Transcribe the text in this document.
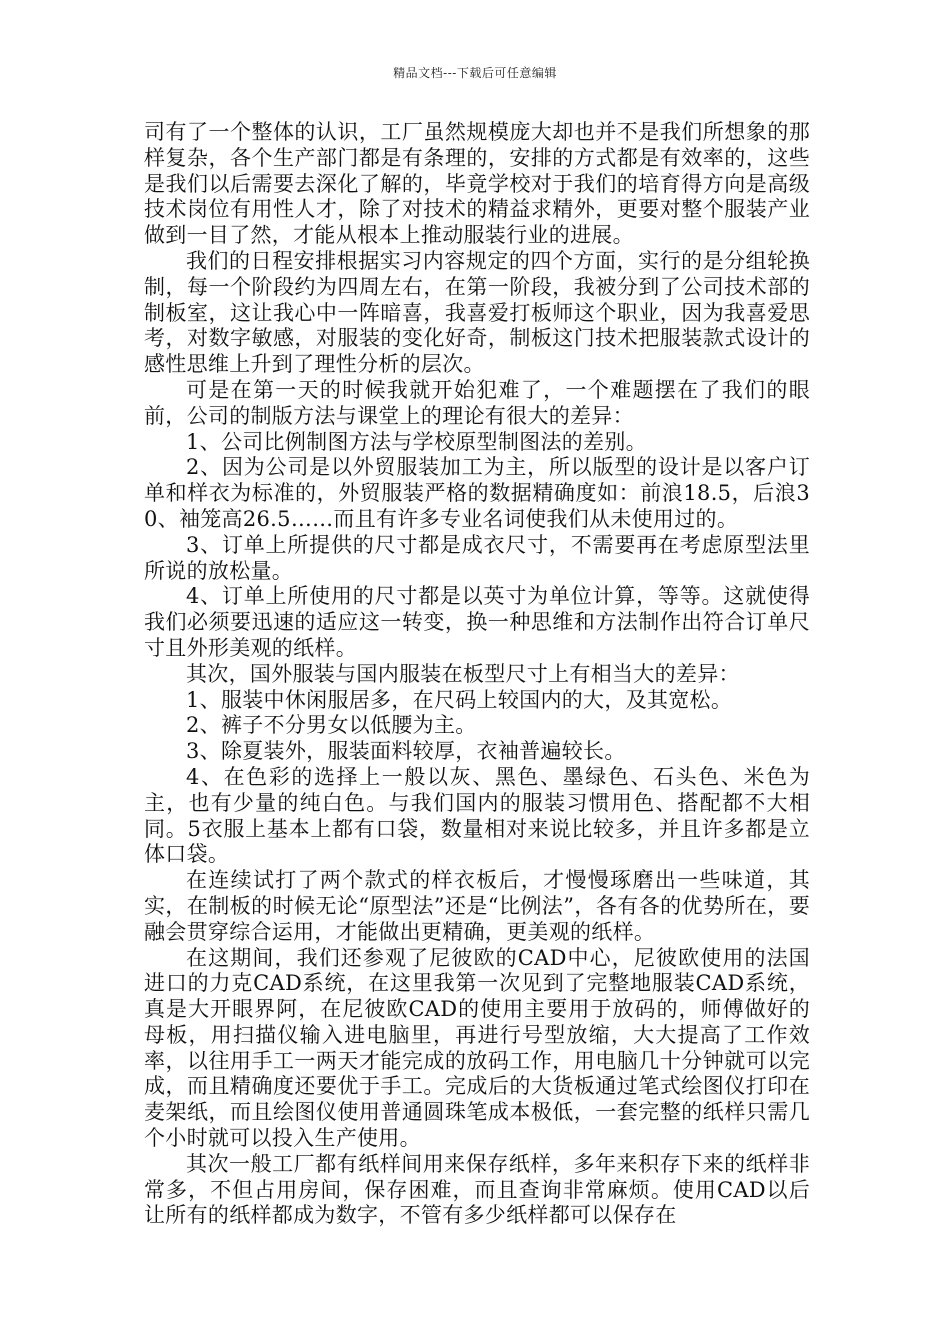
精品文档---下载后可任意编辑

司有了一个整体的认识，工厂虽然规模庞大却也并不是我们所想象的那样复杂，各个生产部门都是有条理的，安排的方式都是有效率的，这些是我们以后需要去深化了解的，毕竟学校对于我们的培育得方向是高级技术岗位有用性人才，除了对技术的精益求精外，更要对整个服装产业做到一目了然，才能从根本上推动服装行业的进展。

我们的日程安排根据实习内容规定的四个方面，实行的是分组轮换制，每一个阶段约为四周左右，在第一阶段，我被分到了公司技术部的制板室，这让我心中一阵暗喜，我喜爱打板师这个职业，因为我喜爱思考，对数字敏感，对服装的变化好奇，制板这门技术把服装款式设计的感性思维上升到了理性分析的层次。

可是在第一天的时候我就开始犯难了，一个难题摆在了我们的眼前，公司的制版方法与课堂上的理论有很大的差异：

1、公司比例制图方法与学校原型制图法的差别。

2、因为公司是以外贸服装加工为主，所以版型的设计是以客户订单和样衣为标准的，外贸服装严格的数据精确度如：前浪18.5，后浪30、袖笼高26.5……而且有许多专业名词使我们从未使用过的。

3、订单上所提供的尺寸都是成衣尺寸，不需要再在考虑原型法里所说的放松量。

4、订单上所使用的尺寸都是以英寸为单位计算，等等。这就使得我们必须要迅速的适应这一转变，换一种思维和方法制作出符合订单尺寸且外形美观的纸样。

其次，国外服装与国内服装在板型尺寸上有相当大的差异：

1、服装中休闲服居多，在尺码上较国内的大，及其宽松。

2、裤子不分男女以低腰为主。

3、除夏装外，服装面料较厚，衣袖普遍较长。

4、在色彩的选择上一般以灰、黑色、墨绿色、石头色、米色为主，也有少量的纯白色。与我们国内的服装习惯用色、搭配都不大相同。5衣服上基本上都有口袋，数量相对来说比较多，并且许多都是立体口袋。

在连续试打了两个款式的样衣板后，才慢慢琢磨出一些味道，其实，在制板的时候无论“原型法”还是“比例法”，各有各的优势所在，要融会贯穿综合运用，才能做出更精确，更美观的纸样。

在这期间，我们还参观了尼彼欧的CAD中心，尼彼欧使用的法国进口的力克CAD系统，在这里我第一次见到了完整地服装CAD系统，真是大开眼界阿，在尼彼欧CAD的使用主要用于放码的，师傅做好的母板，用扫描仪输入进电脑里，再进行号型放缩，大大提高了工作效率，以往用手工一两天才能完成的放码工作，用电脑几十分钟就可以完成，而且精确度还要优于手工。完成后的大货板通过笔式绘图仪打印在麦架纸，而且绘图仪使用普通圆珠笔成本极低，一套完整的纸样只需几个小时就可以投入生产使用。

其次一般工厂都有纸样间用来保存纸样，多年来积存下来的纸样非常多，不但占用房间，保存困难，而且查询非常麻烦。使用CAD以后让所有的纸样都成为数字，不管有多少纸样都可以保存在
